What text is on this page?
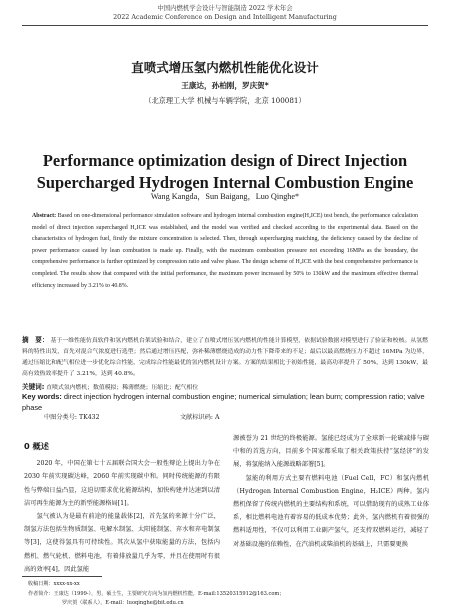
中国内燃机学会设计与智能制造 2022 学术年会
2022 Academic Conference on Design and Intelligent Manufacturing
直喷式增压氢内燃机性能优化设计
王康达，孙柏刚，罗庆贺*
（北京理工大学 机械与车辆学院，北京 100081）
Performance optimization design of Direct Injection
Supercharged Hydrogen Internal Combustion Engine
Wang Kangda，Sun Baigang，Luo Qinghe*
Abstract: Based on one-dimensional performance simulation software and hydrogen internal combustion engine(H₂ICE) test bench, the performance calculation model of direct injection supercharged H₂ICE was established, and the model was verified and checked according to the experimental data. Based on the characteristics of hydrogen fuel, firstly the mixture concentration is selected. Then, through supercharging matching, the deficiency caused by the decline of power performance caused by lean combustion is made up. Finally, with the maximum combustion pressure not exceeding 16MPa as the boundary, the comprehensive performance is further optimized by compression ratio and valve phase. The design scheme of H₂ICE with the best comprehensive performance is completed. The results show that compared with the initial performance, the maximum power increased by 50% to 130kW and the maximum effective thermal efficiency increased by 3.21% to 40.8%.
摘　要： 基于一维性能仿真软件和氢内燃机台架试验和结合，建立了直喷式增压氢内燃机的性能计算模型，依据试验数据对模型进行了验证和校核。从氢燃料的特性出发，首先对混合气浓度进行选型；然后通过增压匹配，弥补稀薄燃烧造成的动力性下降带来的不足；最后以最高燃烧压力不超过 16MPa 为边界，通过压缩比和配气相位进一步优化综合性能，完成综合性能最优的氢内燃机设计方案。方案的结果相比于初始性能，最高功率提升了 50%，达到 130kW，最高有效热效率提升了 3.21%，达到 40.8%。
关键词: 直喷式氢内燃机；数值模拟；稀薄燃烧；压缩比；配气相位
Key words: direct injection hydrogen internal combustion engine; numerical simulation; lean burn; compression ratio; valve phase
中图分类号: TK432	文献标识码: A
0 概述

2020 年，中国在第七十五届联合国大会一般性辩论上提出力争在 2030 年前实现碳达峰，2060 年前实现碳中和。同时传统能源的有限性与弊端日益凸显，这迫切需求优化能源结构，加快构建并达速到以清洁可再生能源为主的新型能源格局[1]。

氢气被认为是最有前途的能量载体[2]，首先氢的来源十分广泛，制氢方法包括生物质制氢、电解水制氢、太阳能制氢、弃水和弃电制氢等[3]，这使得氢具有可持续性。其次从氢中获取能量的方法，包括内燃机、燃气轮机、燃料电池，有着排放量几乎为零，并且在使用时有很高的效率[4]，因此氢能

源被誉为 21 世纪的终极能源。氢能已经成为了全球新一轮碳减排与碳中和的首选方向，目前多个国家都采取了相关政策扶持“氢经济”的发展，将氢能纳入能源战略部署[5]。

氢能的利用方式主要有燃料电池（Fuel Cell，FC）和氢内燃机（Hydrogen Internal Combustion Engine，H₂ICE）两种。氢内燃机保留了传统内燃机的主要结构和系统，可以借助现有的成熟工业体系，相比燃料电池有着容易的低成本优势；此外，氢内燃机有着很强的燃料适用性，不仅可以利用工业副产氢气，还支持双燃料运行，减轻了对基础设施的依赖性，在汽油机或柴油机的基础上，只需要更换

收稿日期：xxxx-xx-xx
作者简介：王康达（1999-），男，硕士生，主要研究方向为氢内燃机性能，E-mail:13520315912@163.com；
罗庆贺（联系人），E-mail：luoqinghe@bit.edu.cn
